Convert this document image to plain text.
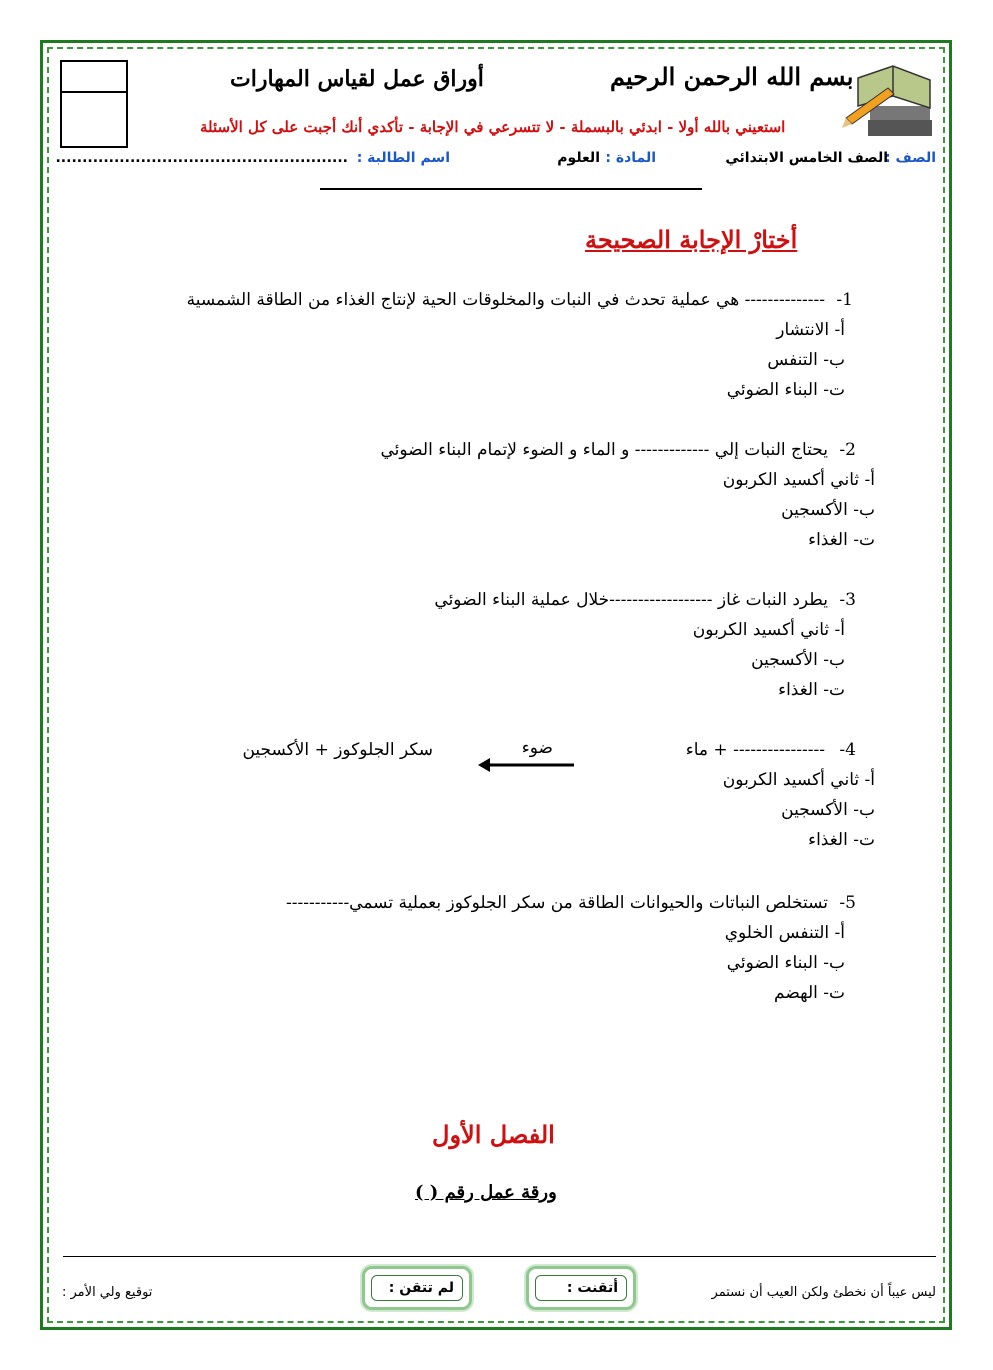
بسم الله الرحمن الرحيم
أوراق عمل لقياس المهارات
استعيني بالله أولا - ابدئي بالبسملة - لا تتسرعي في الإجابة - تأكدي أنك أجبت على كل الأسئلة
الصف :
الصف الخامس الابتدائي
المادة :
العلوم
اسم الطالبة :
.......................................................
أختارْ الإجابة الصحيحة
1-
-------------- هي عملية تحدث في النبات والمخلوقات الحية لإنتاج الغذاء من الطاقة الشمسية
أ- الانتشار
ب- التنفس
ت- البناء الضوئي
2-
يحتاج النبات إلي ------------- و الماء و الضوء لإتمام البناء الضوئي
أ- ثاني أكسيد الكربون
ب- الأكسجين
ت- الغذاء
3-
يطرد النبات غاز ------------------خلال عملية البناء الضوئي
أ- ثاني أكسيد الكربون
ب- الأكسجين
ت- الغذاء
4-
---------------- + ماء
ضوء
سكر الجلوكوز + الأكسجين
أ- ثاني أكسيد الكربون
ب- الأكسجين
ت- الغذاء
5-
تستخلص النباتات والحيوانات الطاقة من سكر الجلوكوز بعملية تسمي-----------
أ- التنفس الخلوي
ب- البناء الضوئي
ت- الهضم
الفصل الأول
ورقة عمل رقم ( )
ليس عيباً أن نخطئ ولكن العيب أن نستمر
أتقنت :
لم تتقن :
توقيع ولي الأمر :
